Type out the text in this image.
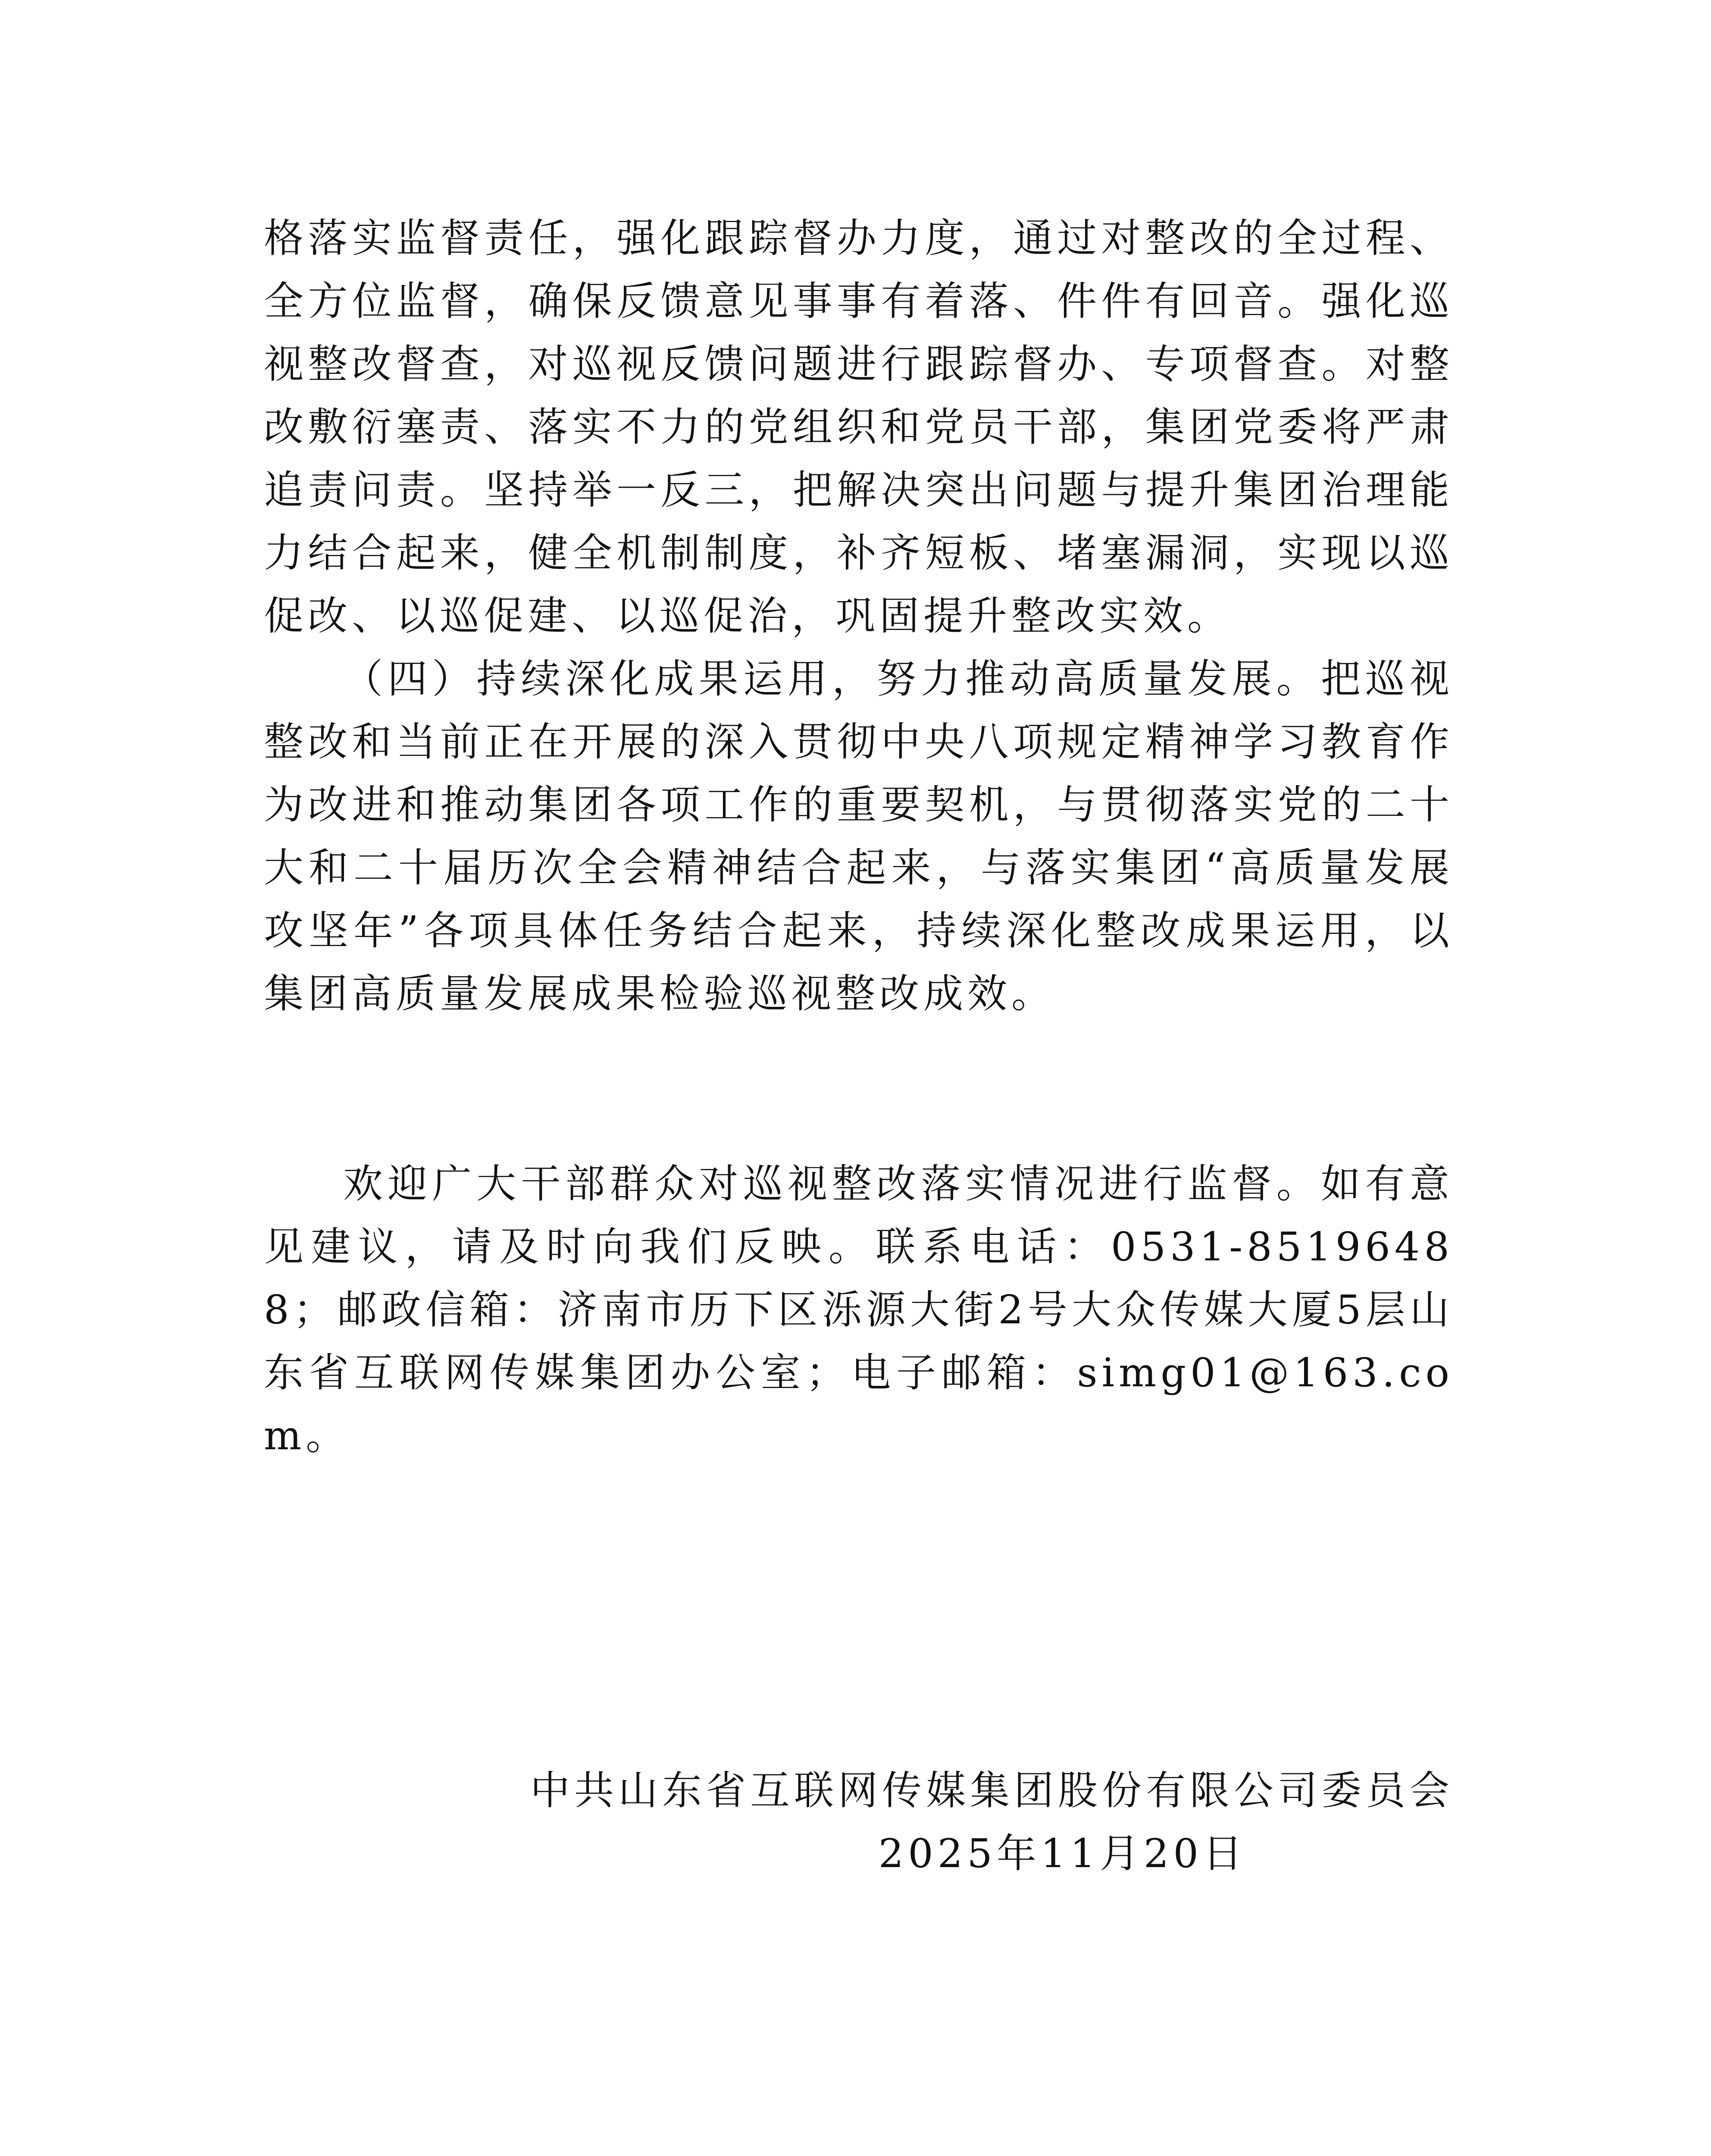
格落实监督责任，强化跟踪督办力度，通过对整改的全过程、全方位监督，确保反馈意见事事有着落、件件有回音。强化巡视整改督查，对巡视反馈问题进行跟踪督办、专项督查。对整改敷衍塞责、落实不力的党组织和党员干部，集团党委将严肃追责问责。坚持举一反三，把解决突出问题与提升集团治理能力结合起来，健全机制制度，补齐短板、堵塞漏洞，实现以巡促改、以巡促建、以巡促治，巩固提升整改实效。

（四）持续深化成果运用，努力推动高质量发展。把巡视整改和当前正在开展的深入贯彻中央八项规定精神学习教育作为改进和推动集团各项工作的重要契机，与贯彻落实党的二十大和二十届历次全会精神结合起来，与落实集团“高质量发展攻坚年”各项具体任务结合起来，持续深化整改成果运用，以集团高质量发展成果检验巡视整改成效。

欢迎广大干部群众对巡视整改落实情况进行监督。如有意见建议，请及时向我们反映。联系电话：0531-85196488；邮政信箱：济南市历下区泺源大街2号大众传媒大厦5层山东省互联网传媒集团办公室；电子邮箱：simg01@163.com。

中共山东省互联网传媒集团股份有限公司委员会

2025年11月20日
